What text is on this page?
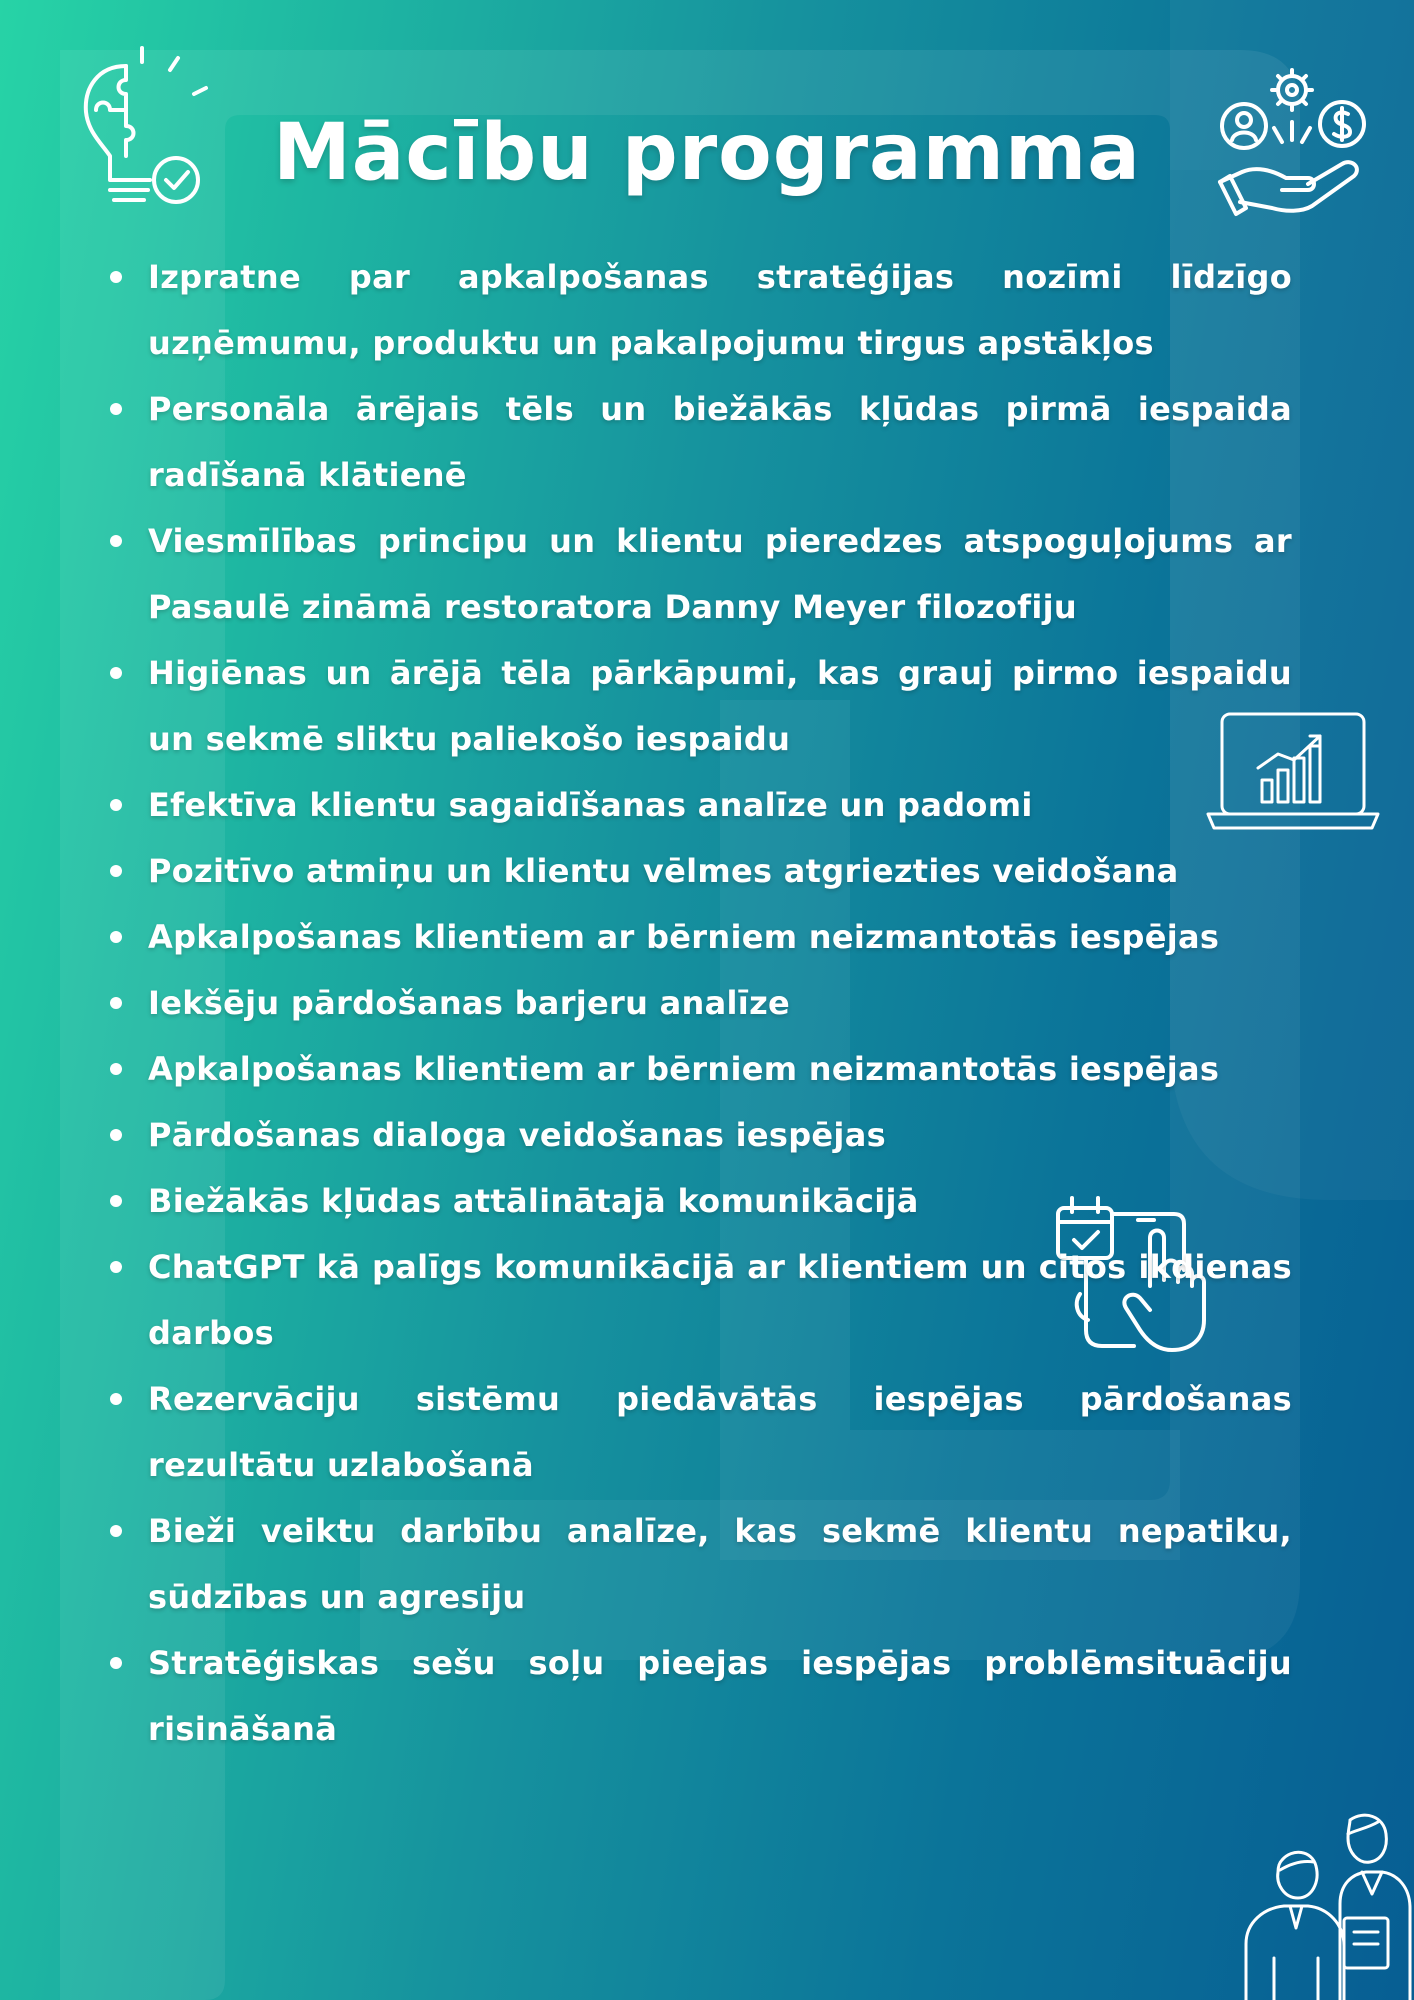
Mācību programma
Izpratne par apkalpošanas stratēģijas nozīmi līdzīgo uzņēmumu, produktu un pakalpojumu tirgus apstākļos
Personāla ārējais tēls un biežākās kļūdas pirmā iespaida radīšanā klātienē
Viesmīlības principu un klientu pieredzes atspoguļojums ar Pasaulē zināmā restoratora Danny Meyer filozofiju
Higiēnas un ārējā tēla pārkāpumi, kas grauj pirmo iespaidu un sekmē sliktu paliekošo iespaidu
Efektīva klientu sagaidīšanas analīze un padomi
Pozitīvo atmiņu un klientu vēlmes atgriezties veidošana
Apkalpošanas klientiem ar bērniem neizmantotās iespējas
Iekšēju pārdošanas barjeru analīze
Apkalpošanas klientiem ar bērniem neizmantotās iespējas
Pārdošanas dialoga veidošanas iespējas
Biežākās kļūdas attālinātajā komunikācijā
ChatGPT kā palīgs komunikācijā ar klientiem un citos ikdienas darbos
Rezervāciju sistēmu piedāvātās iespējas pārdošanas rezultātu uzlabošanā
Bieži veiktu darbību analīze, kas sekmē klientu nepatiku, sūdzības un agresiju
Stratēģiskas sešu soļu pieejas iespējas problēmsituāciju risināšanā
